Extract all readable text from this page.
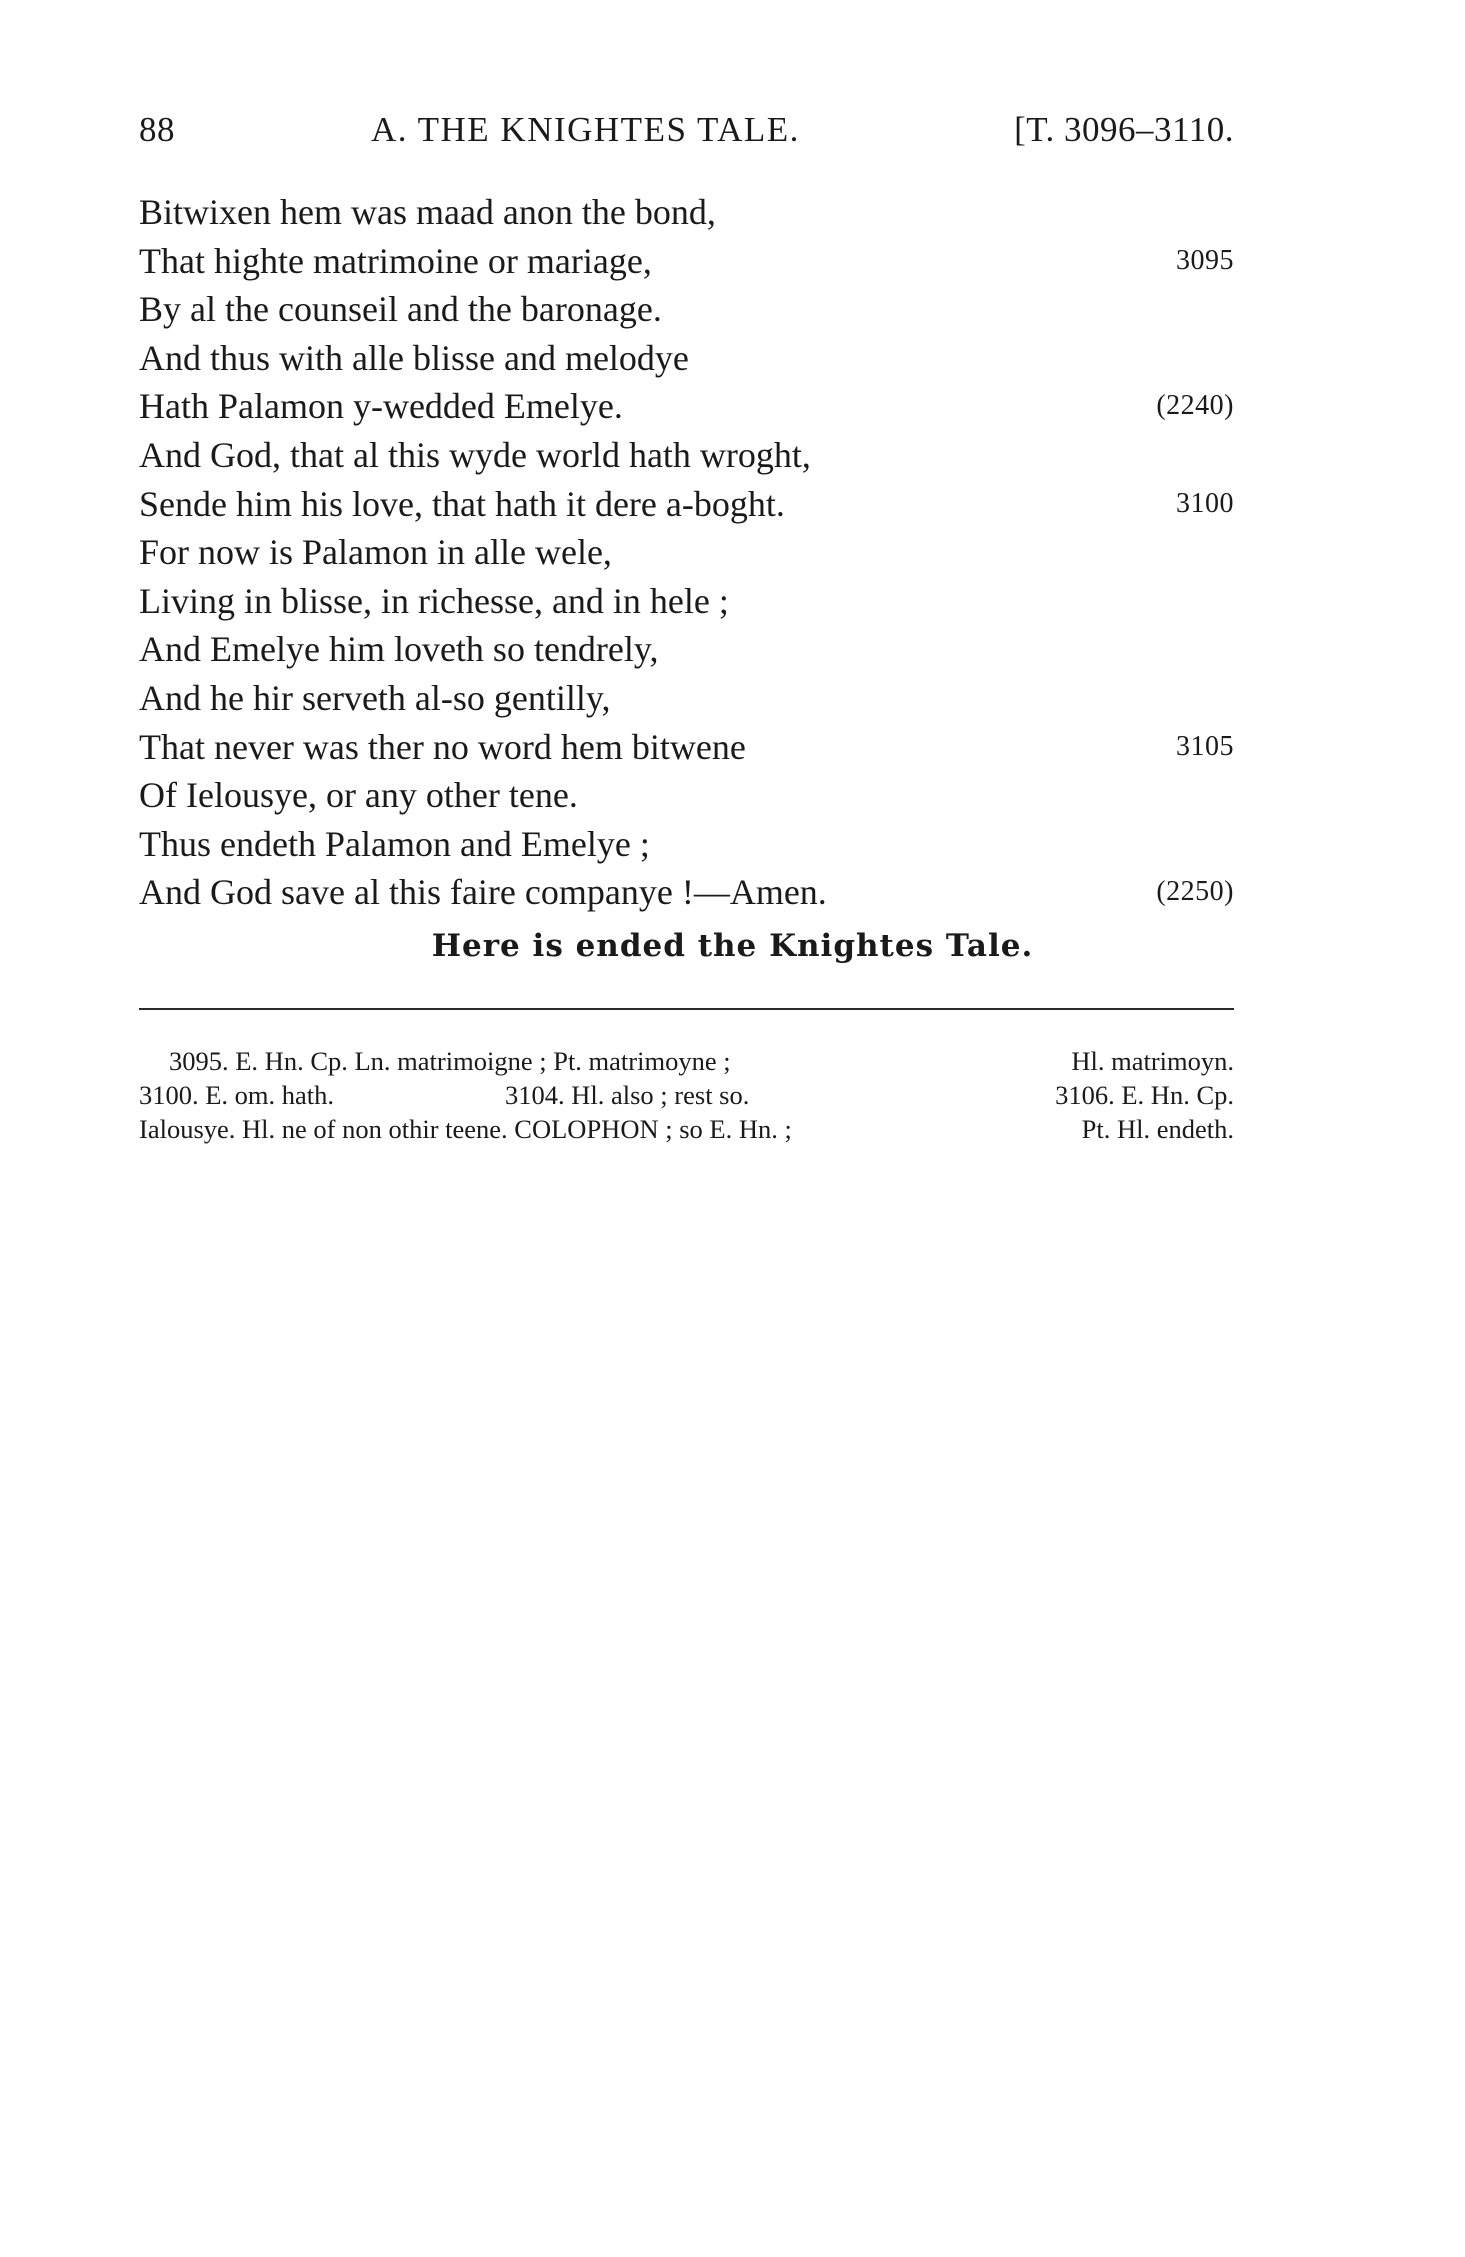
88	A. THE KNIGHTES TALE.	[T. 3096–3110.
Bitwixen hem was maad anon the bond,
That highte matrimoine or mariage,	3095
By al the counseil and the baronage.
And thus with alle blisse and melodye
Hath Palamon y-wedded Emelye.	(2240)
And God, that al this wyde world hath wroght,
Sende him his love, that hath it dere a-boght.	3100
For now is Palamon in alle wele,
Living in blisse, in richesse, and in hele ;
And Emelye him loveth so tendrely,
And he hir serveth al-so gentilly,
That never was ther no word hem bitwene	3105
Of Ielousye, or any other tene.
Thus endeth Palamon and Emelye ;
And God save al this faire companye !—Amen.	(2250)
Here is ended the Knightes Tale.
3095. E. Hn. Cp. Ln. matrimoigne ; Pt. matrimoyne ;	Hl. matrimoyn.
3100. E. om. hath.	3104. Hl. also ; rest so.	3106. E. Hn. Cp.
Ialousye. Hl. ne of non othir teene. COLOPHON ; so E. Hn. ;	Pt. Hl. endeth.
